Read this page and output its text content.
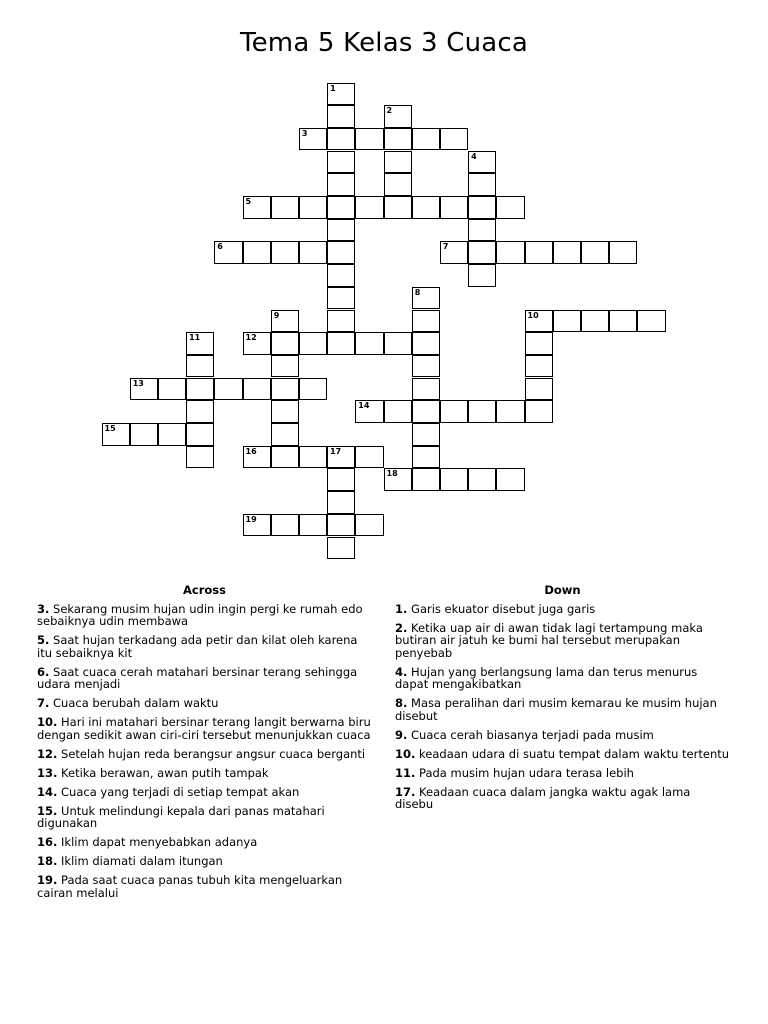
Tema 5 Kelas 3 Cuaca
1
2
3
4
5
6	7
8
9	10
11	12
13
14
15
16	17
18
19
Across
3. Sekarang musim hujan udin ingin pergi ke rumah edo sebaiknya udin membawa
5. Saat hujan terkadang ada petir dan kilat oleh karena itu sebaiknya kit
6. Saat cuaca cerah matahari bersinar terang sehingga udara menjadi
7. Cuaca berubah dalam waktu
10. Hari ini matahari bersinar terang langit berwarna biru dengan sedikit awan ciri-ciri tersebut menunjukkan cuaca
12. Setelah hujan reda berangsur angsur cuaca berganti
13. Ketika berawan, awan putih tampak
14. Cuaca yang terjadi di setiap tempat akan
15. Untuk melindungi kepala dari panas matahari digunakan
16. Iklim dapat menyebabkan adanya
18. Iklim diamati dalam itungan
19. Pada saat cuaca panas tubuh kita mengeluarkan cairan melalui
Down
1. Garis ekuator disebut juga garis
2. Ketika uap air di awan tidak lagi tertampung maka butiran air jatuh ke bumi hal tersebut merupakan penyebab
4. Hujan yang berlangsung lama dan terus menurus dapat mengakibatkan
8. Masa peralihan dari musim kemarau ke musim hujan disebut
9. Cuaca cerah biasanya terjadi pada musim
10. keadaan udara di suatu tempat dalam waktu tertentu
11. Pada musim hujan udara terasa lebih
17. Keadaan cuaca dalam jangka waktu agak lama disebu
